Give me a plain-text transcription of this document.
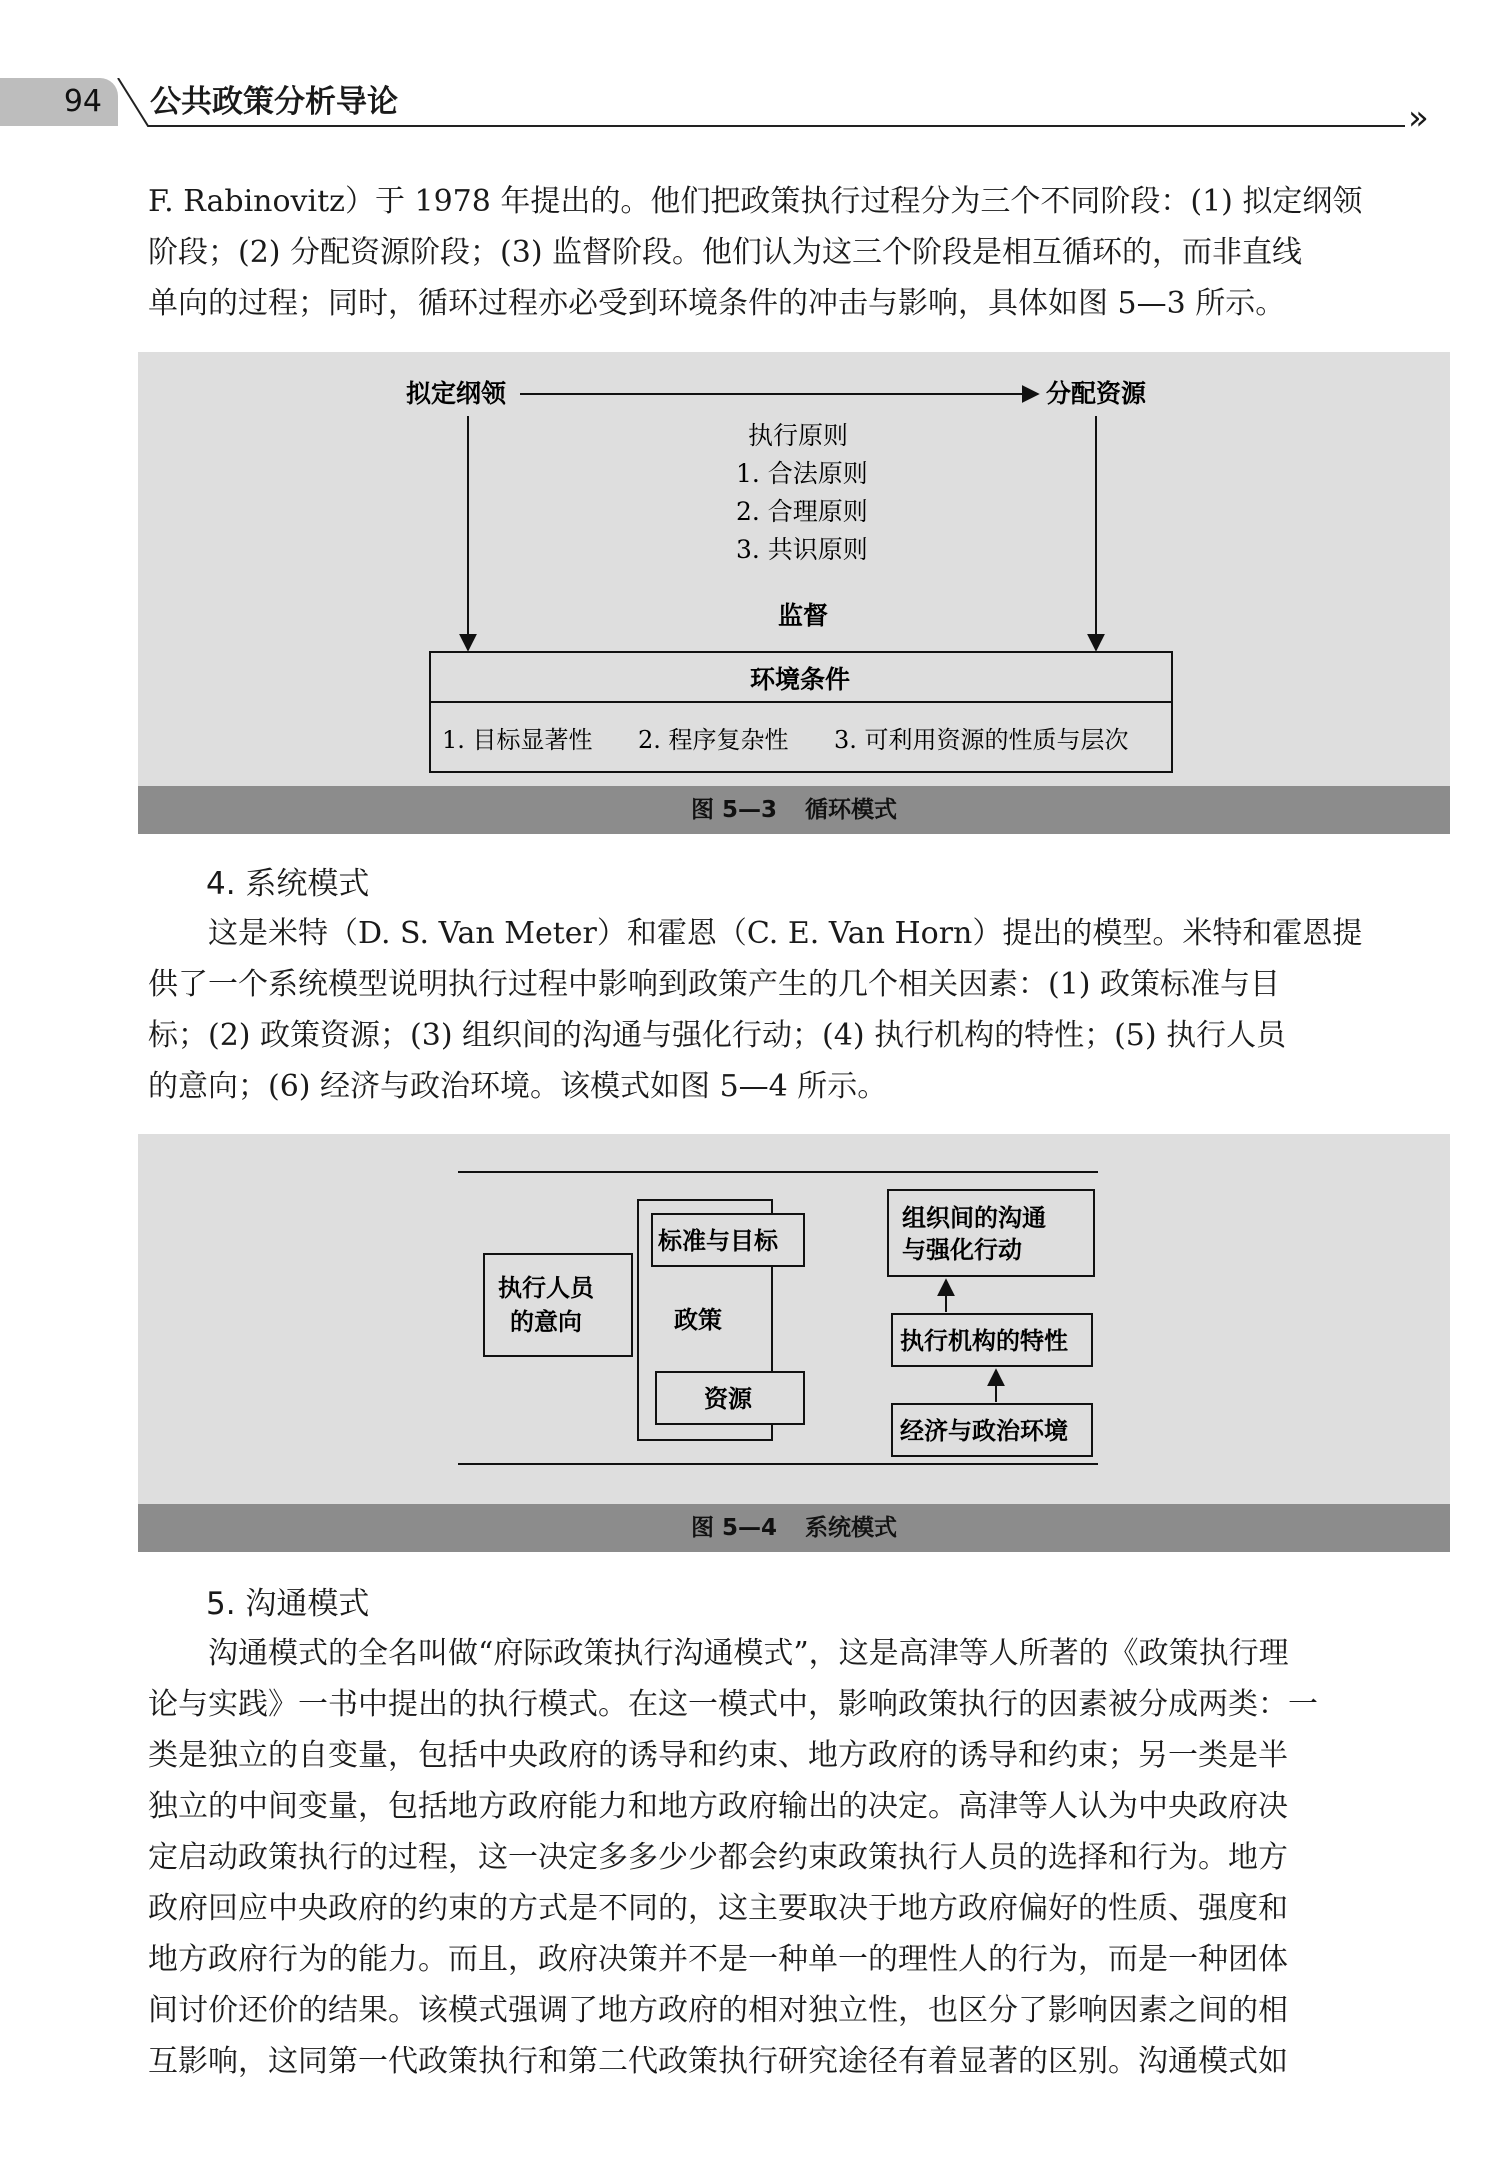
94	公共政策分析导论	»

F. Rabinovitz）于 1978 年提出的。他们把政策执行过程分为三个不同阶段：(1) 拟定纲领

阶段；(2) 分配资源阶段；(3) 监督阶段。他们认为这三个阶段是相互循环的，而非直线

单向的过程；同时，循环过程亦必受到环境条件的冲击与影响，具体如图 5—3 所示。

拟定纲领	分配资源
执行原则
1. 合法原则
2. 合理原则
3. 共识原则
监督
环境条件
1. 目标显著性 2. 程序复杂性 3. 可利用资源的性质与层次
图 5—3 循环模式
4. 系统模式

这是米特（D. S. Van Meter）和霍恩（C. E. Van Horn）提出的模型。米特和霍恩提

供了一个系统模型说明执行过程中影响到政策产生的几个相关因素：(1) 政策标准与目

标；(2) 政策资源；(3) 组织间的沟通与强化行动；(4) 执行机构的特性；(5) 执行人员

的意向；(6) 经济与政治环境。该模式如图 5—4 所示。

执行人员
的意向
标准与目标
政策
资源
组织间的沟通
与强化行动
执行机构的特性
经济与政治环境
图 5—4 系统模式
5. 沟通模式

沟通模式的全名叫做“府际政策执行沟通模式”，这是高津等人所著的《政策执行理

论与实践》一书中提出的执行模式。在这一模式中，影响政策执行的因素被分成两类：一

类是独立的自变量，包括中央政府的诱导和约束、地方政府的诱导和约束；另一类是半

独立的中间变量，包括地方政府能力和地方政府输出的决定。高津等人认为中央政府决

定启动政策执行的过程，这一决定多多少少都会约束政策执行人员的选择和行为。地方

政府回应中央政府的约束的方式是不同的，这主要取决于地方政府偏好的性质、强度和

地方政府行为的能力。而且，政府决策并不是一种单一的理性人的行为，而是一种团体

间讨价还价的结果。该模式强调了地方政府的相对独立性，也区分了影响因素之间的相

互影响，这同第一代政策执行和第二代政策执行研究途径有着显著的区别。沟通模式如
